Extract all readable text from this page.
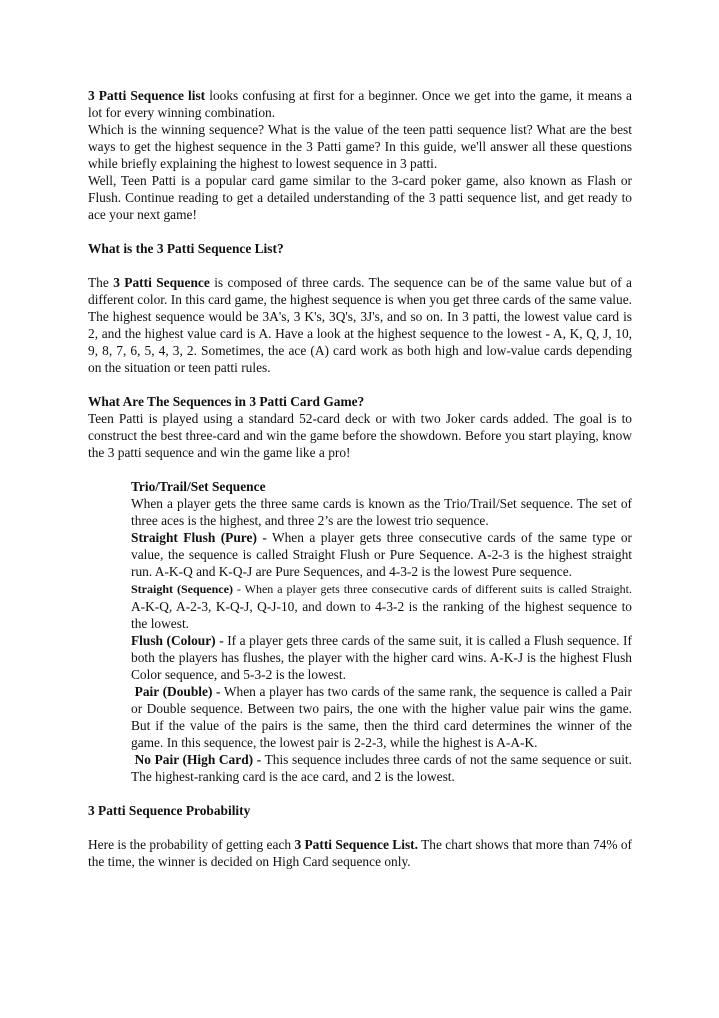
3 Patti Sequence list looks confusing at first for a beginner. Once we get into the game, it means a lot for every winning combination.

Which is the winning sequence? What is the value of the teen patti sequence list? What are the best ways to get the highest sequence in the 3 Patti game? In this guide, we'll answer all these questions while briefly explaining the highest to lowest sequence in 3 patti.

Well, Teen Patti is a popular card game similar to the 3-card poker game, also known as Flash or Flush. Continue reading to get a detailed understanding of the 3 patti sequence list, and get ready to ace your next game!

What is the 3 Patti Sequence List?

The 3 Patti Sequence is composed of three cards. The sequence can be of the same value but of a different color. In this card game, the highest sequence is when you get three cards of the same value. The highest sequence would be 3A's, 3 K's, 3Q's, 3J's, and so on. In 3 patti, the lowest value card is 2, and the highest value card is A. Have a look at the highest sequence to the lowest - A, K, Q, J, 10, 9, 8, 7, 6, 5, 4, 3, 2. Sometimes, the ace (A) card work as both high and low-value cards depending on the situation or teen patti rules.

What Are The Sequences in 3 Patti Card Game?

Teen Patti is played using a standard 52-card deck or with two Joker cards added. The goal is to construct the best three-card and win the game before the showdown. Before you start playing, know the 3 patti sequence and win the game like a pro!

Trio/Trail/Set Sequence

When a player gets the three same cards is known as the Trio/Trail/Set sequence. The set of three aces is the highest, and three 2’s are the lowest trio sequence.

Straight Flush (Pure) - When a player gets three consecutive cards of the same type or value, the sequence is called Straight Flush or Pure Sequence. A-2-3 is the highest straight run. A-K-Q and K-Q-J are Pure Sequences, and 4-3-2 is the lowest Pure sequence.

Straight (Sequence) - When a player gets three consecutive cards of different suits is called Straight. A-K-Q, A-2-3, K-Q-J, Q-J-10, and down to 4-3-2 is the ranking of the highest sequence to the lowest.

Flush (Colour) - If a player gets three cards of the same suit, it is called a Flush sequence. If both the players has flushes, the player with the higher card wins. A-K-J is the highest Flush Color sequence, and 5-3-2 is the lowest.

Pair (Double) - When a player has two cards of the same rank, the sequence is called a Pair or Double sequence. Between two pairs, the one with the higher value pair wins the game. But if the value of the pairs is the same, then the third card determines the winner of the game. In this sequence, the lowest pair is 2-2-3, while the highest is A-A-K.

No Pair (High Card) - This sequence includes three cards of not the same sequence or suit. The highest-ranking card is the ace card, and 2 is the lowest.

3 Patti Sequence Probability

Here is the probability of getting each 3 Patti Sequence List. The chart shows that more than 74% of the time, the winner is decided on High Card sequence only.
